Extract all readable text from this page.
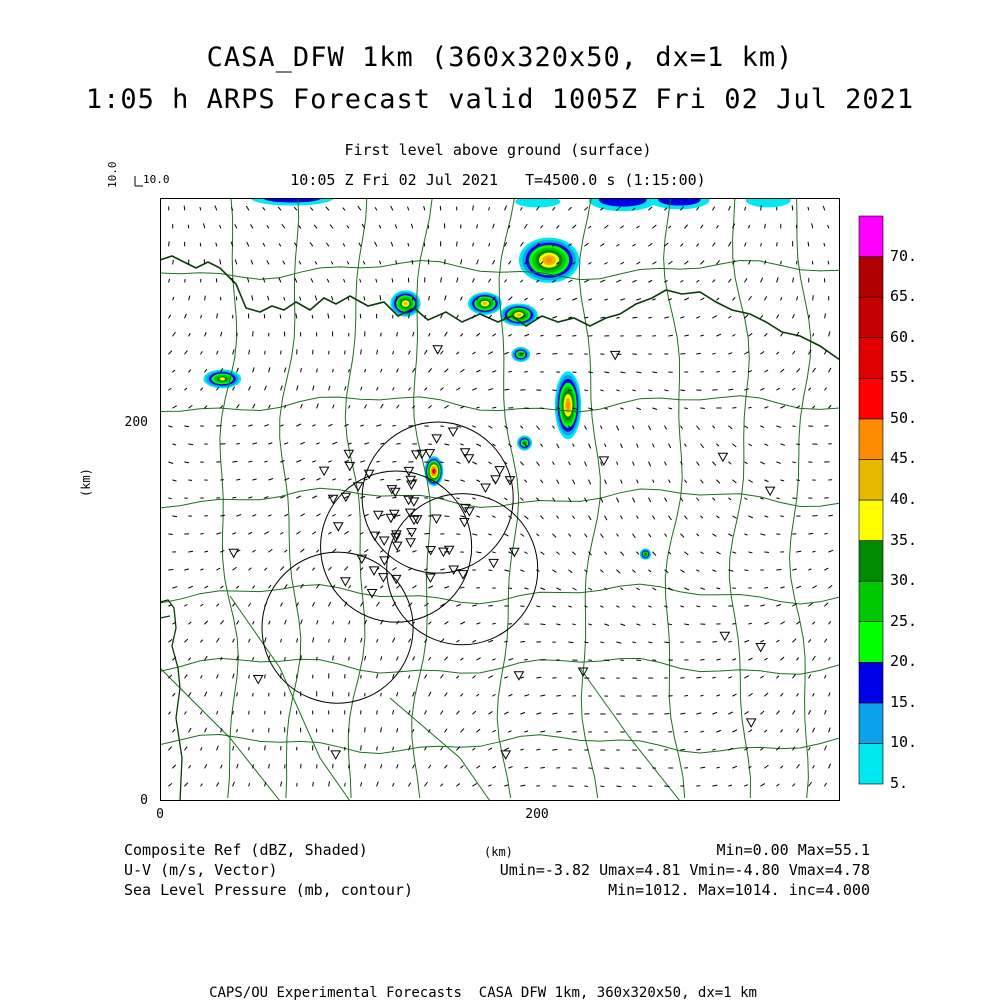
CASA_DFW 1km (360x320x50, dx=1 km)
1:05 h ARPS Forecast valid 1005Z Fri 02 Jul 2021
First level above ground (surface)
10:05 Z Fri 02 Jul 2021   T=4500.0 s (1:15:00)
10.0 10.0
200
0
0	200
(km)
5.
10.
15.
20.
25.
30.
35.
40.
45.
50.
55.
60.
65.
70.
Composite Ref (dBZ, Shaded)
U-V (m/s, Vector)
Sea Level Pressure (mb, contour)
(km)	Min=0.00 Max=55.1
Umin=-3.82 Umax=4.81 Vmin=-4.80 Vmax=4.78
Min=1012. Max=1014. inc=4.000
CAPS/OU Experimental Forecasts  CASA DFW 1km, 360x320x50, dx=1 km
